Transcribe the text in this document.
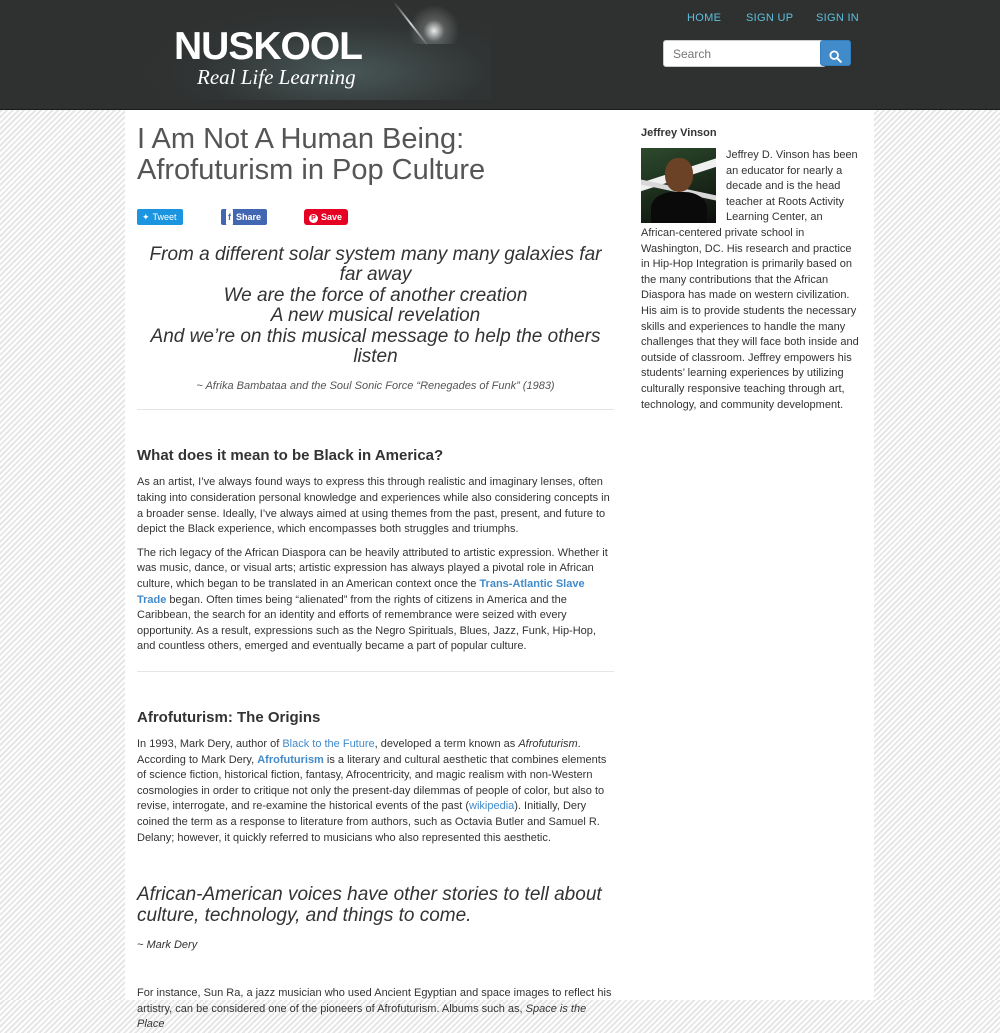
NUSKOOL
Real Life Learning
HOME SIGN UP SIGN IN
Search
I Am Not A Human Being:
Afrofuturism in Pop Culture
✦ Tweet	f Share	P Save
From a different solar system many many galaxies far far away
We are the force of another creation
A new musical revelation
And we’re on this musical message to help the others listen
~ Afrika Bambataa and the Soul Sonic Force “Renegades of Funk” (1983)
What does it mean to be Black in America?

As an artist, I’ve always found ways to express this through realistic and imaginary lenses, often taking into consideration personal knowledge and experiences while also considering concepts in a broader sense. Ideally, I’ve always aimed at using themes from the past, present, and future to depict the Black experience, which encompasses both struggles and triumphs.

The rich legacy of the African Diaspora can be heavily attributed to artistic expression. Whether it was music, dance, or visual arts; artistic expression has always played a pivotal role in African culture, which began to be translated in an American context once the Trans-Atlantic Slave Trade began. Often times being “alienated” from the rights of citizens in America and the Caribbean, the search for an identity and efforts of remembrance were seized with every opportunity. As a result, expressions such as the Negro Spirituals, Blues, Jazz, Funk, Hip-Hop, and countless others, emerged and eventually became a part of popular culture.

Afrofuturism: The Origins

In 1993, Mark Dery, author of Black to the Future, developed a term known as Afrofuturism. According to Mark Dery, Afrofuturism is a literary and cultural aesthetic that combines elements of science fiction, historical fiction, fantasy, Afrocentricity, and magic realism with non-Western cosmologies in order to critique not only the present-day dilemmas of people of color, but also to revise, interrogate, and re-examine the historical events of the past (wikipedia). Initially, Dery coined the term as a response to literature from authors, such as Octavia Butler and Samuel R. Delany; however, it quickly referred to musicians who also represented this aesthetic.

African-American voices have other stories to tell about culture, technology, and things to come.
~ Mark Dery

For instance, Sun Ra, a jazz musician who used Ancient Egyptian and space images to reflect his artistry, can be considered one of the pioneers of Afrofuturism. Albums such as, Space is the Place

Jeffrey Vinson
Jeffrey D. Vinson has been an educator for nearly a decade and is the head teacher at Roots Activity Learning Center, an African-centered private school in Washington, DC. His research and practice in Hip-Hop Integration is primarily based on the many contributions that the African Diaspora has made on western civilization. His aim is to provide students the necessary skills and experiences to handle the many challenges that they will face both inside and outside of classroom. Jeffrey empowers his students’ learning experiences by utilizing culturally responsive teaching through art, technology, and community development.
